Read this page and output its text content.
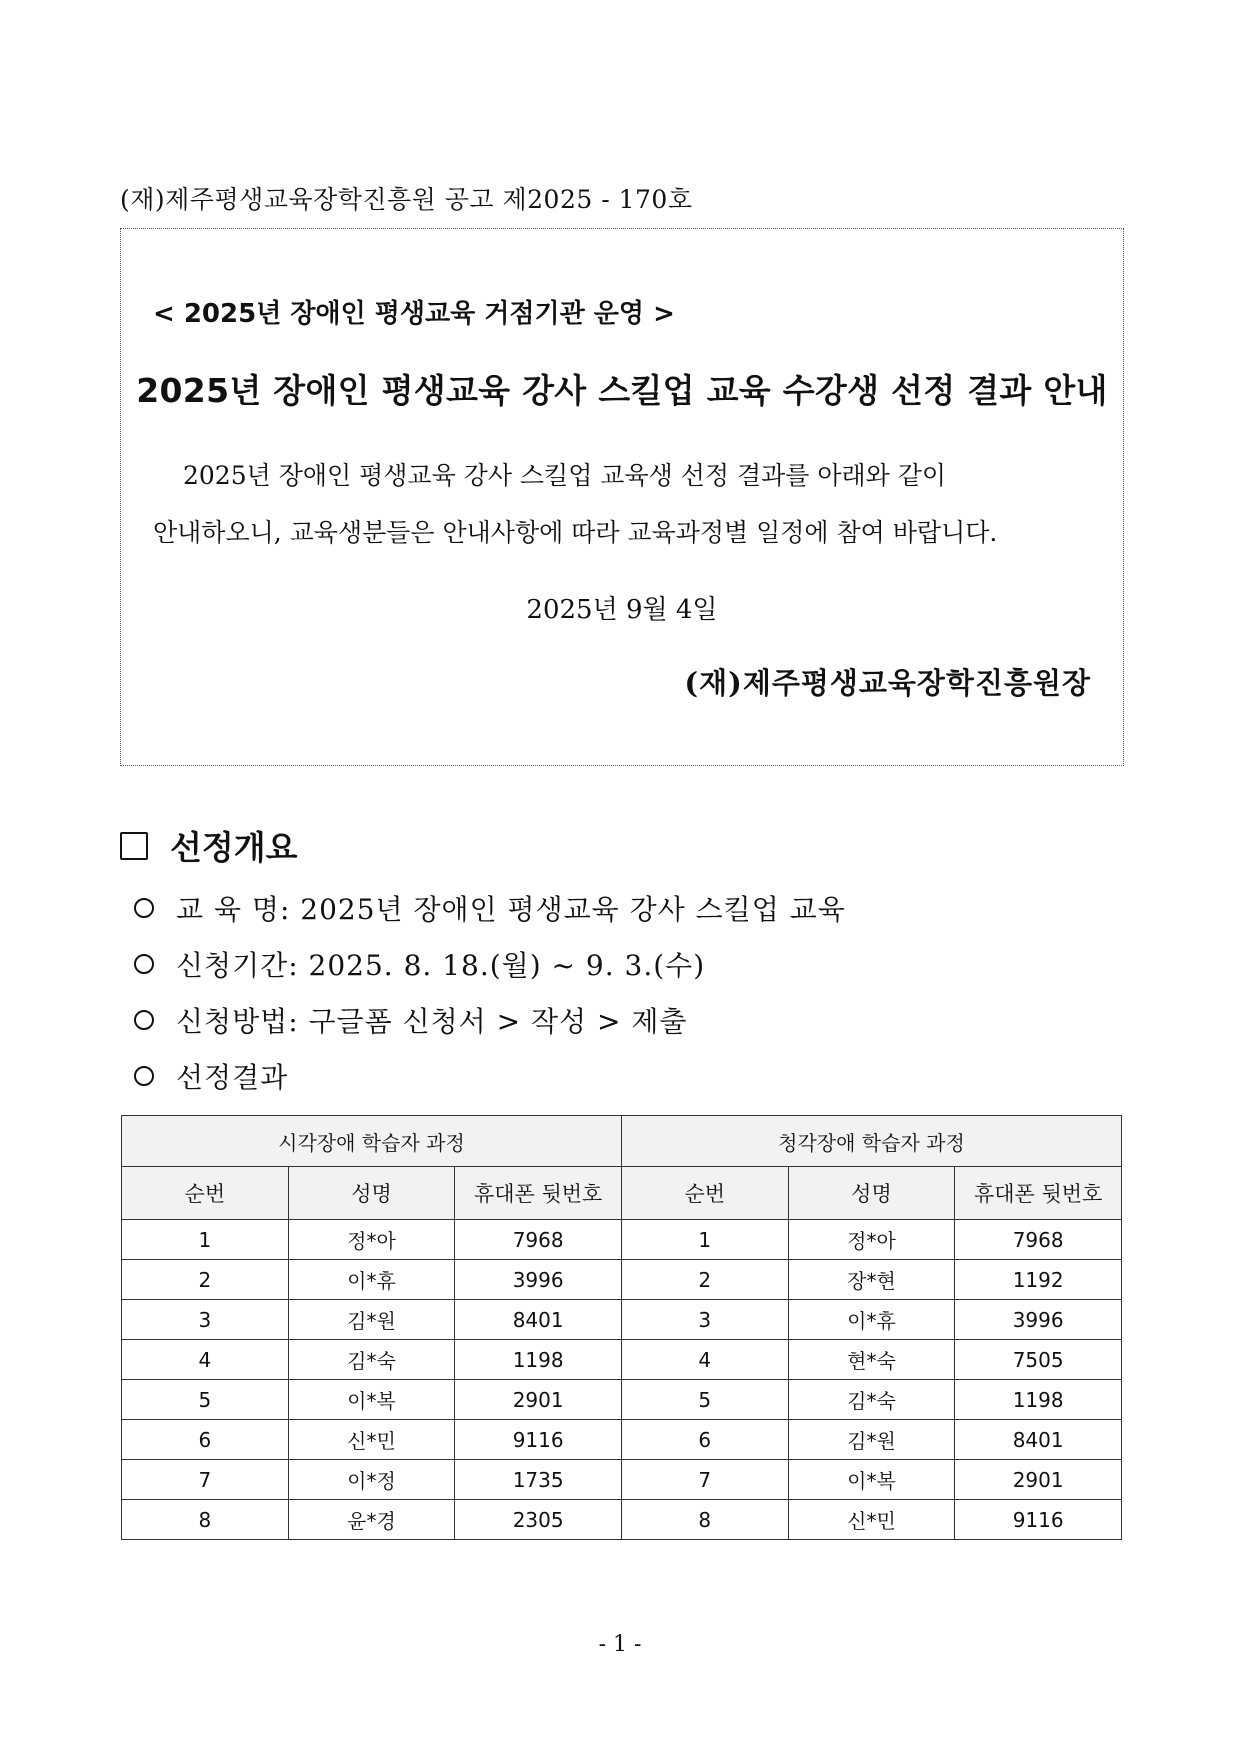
(재)제주평생교육장학진흥원 공고 제2025 - 170호
< 2025년 장애인 평생교육 거점기관 운영 >
2025년 장애인 평생교육 강사 스킬업 교육 수강생 선정 결과 안내

2025년 장애인 평생교육 강사 스킬업 교육생 선정 결과를 아래와 같이

안내하오니, 교육생분들은 안내사항에 따라 교육과정별 일정에 참여 바랍니다.

2025년 9월 4일
(재)제주평생교육장학진흥원장
선정개요
교 육 명: 2025년 장애인 평생교육 강사 스킬업 교육
신청기간: 2025. 8. 18.(월) ~ 9. 3.(수)
신청방법: 구글폼 신청서 > 작성 > 제출
선정결과
시각장애 학습자 과정			청각장애 학습자 과정		
순번	성명	휴대폰 뒷번호	순번	성명	휴대폰 뒷번호
1	정*아	7968	1	정*아	7968
2	이*휴	3996	2	장*현	1192
3	김*원	8401	3	이*휴	3996
4	김*숙	1198	4	현*숙	7505
5	이*복	2901	5	김*숙	1198
6	신*민	9116	6	김*원	8401
7	이*정	1735	7	이*복	2901
8	윤*경	2305	8	신*민	9116
- 1 -
